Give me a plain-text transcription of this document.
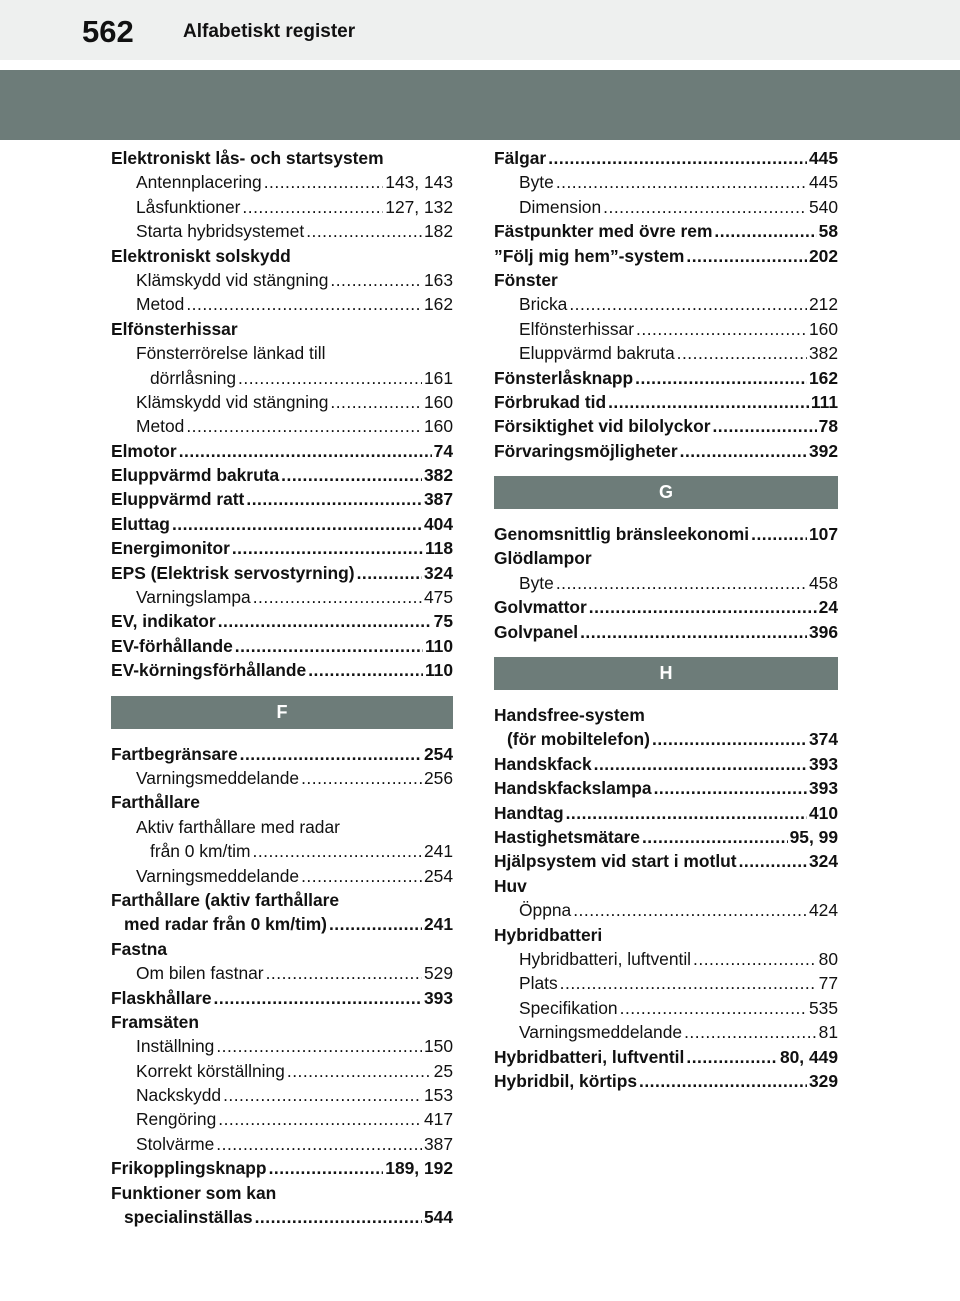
562	Alfabetiskt register
Elektroniskt lås- och startsystem
Antennplacering .....	143, 143
Låsfunktioner .....	127, 132
Starta hybridsystemet .....	182
Elektroniskt solskydd
Klämskydd vid stängning .....	163
Metod .....	162
Elfönsterhissar
Fönsterrörelse länkad till
dörrlåsning .....	161
Klämskydd vid stängning .....	160
Metod .....	160
Elmotor .....	74
Eluppvärmd bakruta .....	382
Eluppvärmd ratt .....	387
Eluttag .....	404
Energimonitor .....	118
EPS (Elektrisk servostyrning) .....	324
Varningslampa .....	475
EV, indikator .....	75
EV-förhållande .....	110
EV-körningsförhållande .....	110
F
Fartbegränsare .....	254
Varningsmeddelande .....	256
Farthållare
Aktiv farthållare med radar
från 0 km/tim .....	241
Varningsmeddelande .....	254
Farthållare (aktiv farthållare
med radar från 0 km/tim) .....	241
Fastna
Om bilen fastnar .....	529
Flaskhållare .....	393
Framsäten
Inställning .....	150
Korrekt körställning .....	25
Nackskydd .....	153
Rengöring .....	417
Stolvärme .....	387
Frikopplingsknapp .....	189, 192
Funktioner som kan
specialinställas .....	544
Fälgar .....	445
Byte .....	445
Dimension .....	540
Fästpunkter med övre rem .....	58
”Följ mig hem”-system .....	202
Fönster
Bricka .....	212
Elfönsterhissar .....	160
Eluppvärmd bakruta .....	382
Fönsterlåsknapp .....	162
Förbrukad tid .....	111
Försiktighet vid bilolyckor .....	78
Förvaringsmöjligheter .....	392
G
Genomsnittlig bränsleekonomi .....	107
Glödlampor
Byte .....	458
Golvmattor .....	24
Golvpanel .....	396
H
Handsfree-system
(för mobiltelefon) .....	374
Handskfack .....	393
Handskfackslampa .....	393
Handtag .....	410
Hastighetsmätare .....	95, 99
Hjälpsystem vid start i motlut .....	324
Huv
Öppna .....	424
Hybridbatteri
Hybridbatteri, luftventil .....	80
Plats .....	77
Specifikation .....	535
Varningsmeddelande .....	81
Hybridbatteri, luftventil .....	80, 449
Hybridbil, körtips .....	329
